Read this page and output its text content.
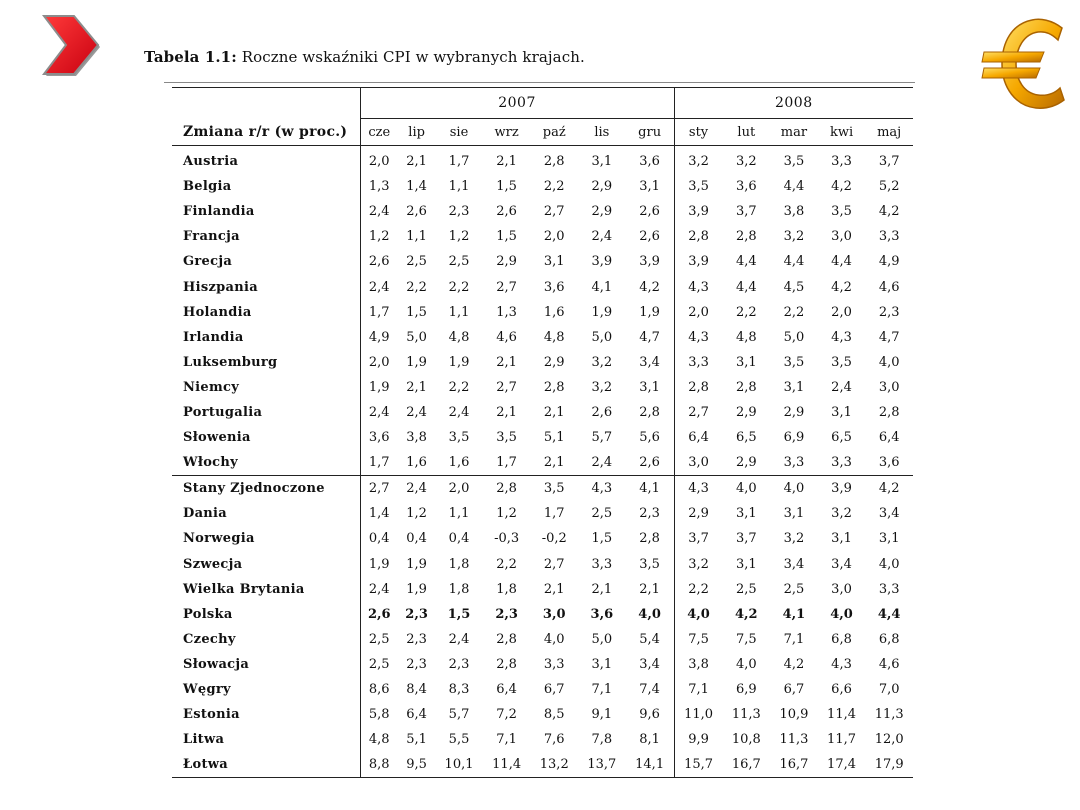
Tabela 1.1: Roczne wskaźniki CPI w wybranych krajach.
	2007							2008				
Zmiana r/r (w proc.)	cze	lip	sie	wrz	paź	lis	gru	sty	lut	mar	kwi	maj
Austria	2,0	2,1	1,7	2,1	2,8	3,1	3,6	3,2	3,2	3,5	3,3	3,7
Belgia	1,3	1,4	1,1	1,5	2,2	2,9	3,1	3,5	3,6	4,4	4,2	5,2
Finlandia	2,4	2,6	2,3	2,6	2,7	2,9	2,6	3,9	3,7	3,8	3,5	4,2
Francja	1,2	1,1	1,2	1,5	2,0	2,4	2,6	2,8	2,8	3,2	3,0	3,3
Grecja	2,6	2,5	2,5	2,9	3,1	3,9	3,9	3,9	4,4	4,4	4,4	4,9
Hiszpania	2,4	2,2	2,2	2,7	3,6	4,1	4,2	4,3	4,4	4,5	4,2	4,6
Holandia	1,7	1,5	1,1	1,3	1,6	1,9	1,9	2,0	2,2	2,2	2,0	2,3
Irlandia	4,9	5,0	4,8	4,6	4,8	5,0	4,7	4,3	4,8	5,0	4,3	4,7
Luksemburg	2,0	1,9	1,9	2,1	2,9	3,2	3,4	3,3	3,1	3,5	3,5	4,0
Niemcy	1,9	2,1	2,2	2,7	2,8	3,2	3,1	2,8	2,8	3,1	2,4	3,0
Portugalia	2,4	2,4	2,4	2,1	2,1	2,6	2,8	2,7	2,9	2,9	3,1	2,8
Słowenia	3,6	3,8	3,5	3,5	5,1	5,7	5,6	6,4	6,5	6,9	6,5	6,4
Włochy	1,7	1,6	1,6	1,7	2,1	2,4	2,6	3,0	2,9	3,3	3,3	3,6
Stany Zjednoczone	2,7	2,4	2,0	2,8	3,5	4,3	4,1	4,3	4,0	4,0	3,9	4,2
Dania	1,4	1,2	1,1	1,2	1,7	2,5	2,3	2,9	3,1	3,1	3,2	3,4
Norwegia	0,4	0,4	0,4	-0,3	-0,2	1,5	2,8	3,7	3,7	3,2	3,1	3,1
Szwecja	1,9	1,9	1,8	2,2	2,7	3,3	3,5	3,2	3,1	3,4	3,4	4,0
Wielka Brytania	2,4	1,9	1,8	1,8	2,1	2,1	2,1	2,2	2,5	2,5	3,0	3,3
Polska	2,6	2,3	1,5	2,3	3,0	3,6	4,0	4,0	4,2	4,1	4,0	4,4
Czechy	2,5	2,3	2,4	2,8	4,0	5,0	5,4	7,5	7,5	7,1	6,8	6,8
Słowacja	2,5	2,3	2,3	2,8	3,3	3,1	3,4	3,8	4,0	4,2	4,3	4,6
Węgry	8,6	8,4	8,3	6,4	6,7	7,1	7,4	7,1	6,9	6,7	6,6	7,0
Estonia	5,8	6,4	5,7	7,2	8,5	9,1	9,6	11,0	11,3	10,9	11,4	11,3
Litwa	4,8	5,1	5,5	7,1	7,6	7,8	8,1	9,9	10,8	11,3	11,7	12,0
Łotwa	8,8	9,5	10,1	11,4	13,2	13,7	14,1	15,7	16,7	16,7	17,4	17,9
